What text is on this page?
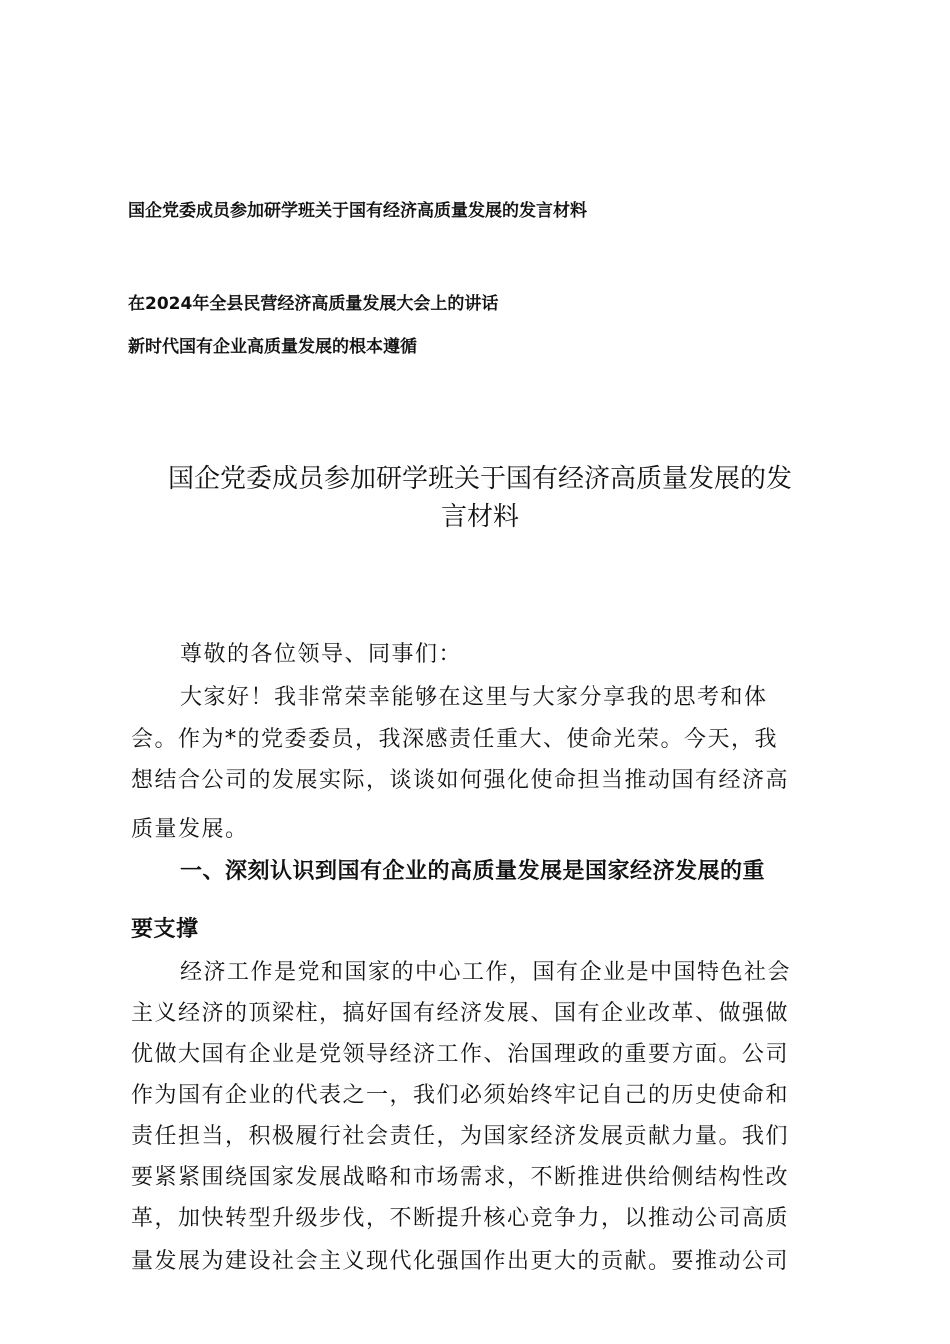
国企党委成员参加研学班关于国有经济高质量发展的发言材料
在2024年全县民营经济高质量发展大会上的讲话
新时代国有企业高质量发展的根本遵循
国企党委成员参加研学班关于国有经济高质量发展的发
言材料
尊敬的各位领导、同事们：
大家好！我非常荣幸能够在这里与大家分享我的思考和体
会。作为*的党委委员，我深感责任重大、使命光荣。今天，我
想结合公司的发展实际，谈谈如何强化使命担当推动国有经济高
质量发展。
一、深刻认识到国有企业的高质量发展是国家经济发展的重
要支撑
经济工作是党和国家的中心工作，国有企业是中国特色社会
主义经济的顶梁柱，搞好国有经济发展、国有企业改革、做强做
优做大国有企业是党领导经济工作、治国理政的重要方面。公司
作为国有企业的代表之一，我们必须始终牢记自己的历史使命和
责任担当，积极履行社会责任，为国家经济发展贡献力量。我们
要紧紧围绕国家发展战略和市场需求，不断推进供给侧结构性改
革，加快转型升级步伐，不断提升核心竞争力，以推动公司高质
量发展为建设社会主义现代化强国作出更大的贡献。要推动公司
